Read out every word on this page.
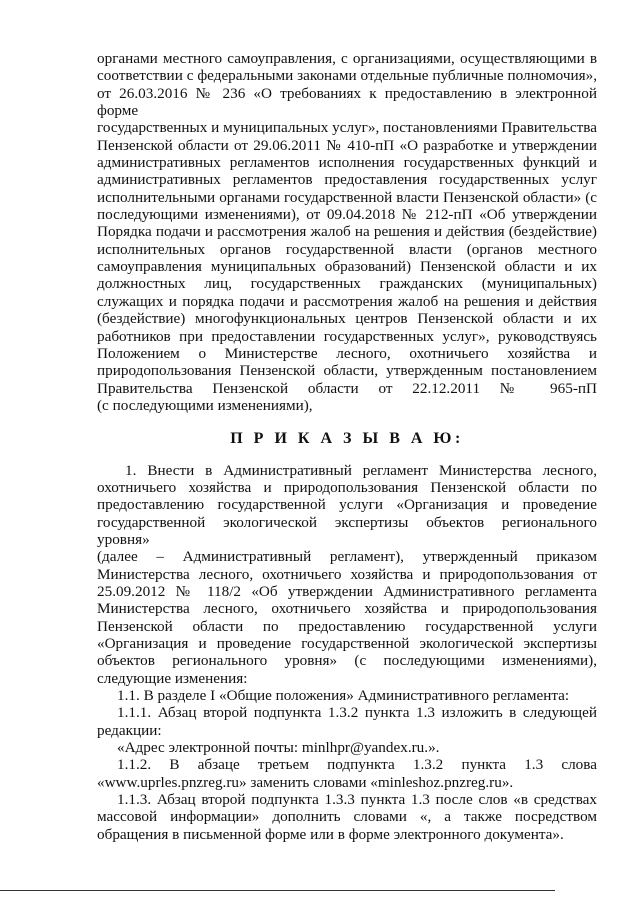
органами местного самоуправления, с организациями, осуществляющими в

соответствии с федеральными законами отдельные публичные полномочия»,

от 26.03.2016 № 236 «О требованиях к предоставлению в электронной форме

государственных и муниципальных услуг», постановлениями Правительства

Пензенской области от 29.06.2011 № 410-пП «О разработке и утверждении

административных регламентов исполнения государственных функций и

административных регламентов предоставления государственных услуг

исполнительными органами государственной власти Пензенской области» (с

последующими изменениями), от 09.04.2018 № 212-пП «Об утверждении

Порядка подачи и рассмотрения жалоб на решения и действия (бездействие)

исполнительных органов государственной власти (органов местного

самоуправления муниципальных образований) Пензенской области и их

должностных лиц, государственных гражданских (муниципальных)

служащих и порядка подачи и рассмотрения жалоб на решения и действия

(бездействие) многофункциональных центров Пензенской области и их

работников при предоставлении государственных услуг», руководствуясь

Положением о Министерстве лесного, охотничьего хозяйства и

природопользования Пензенской области, утвержденным постановлением

Правительства Пензенской области от 22.12.2011 № 965-пП

(с последующими изменениями),

П Р И К А З Ы В А Ю:

1. Внести в Административный регламент Министерства лесного,

охотничьего хозяйства и природопользования Пензенской области по

предоставлению государственной услуги «Организация и проведение

государственной экологической экспертизы объектов регионального уровня»

(далее – Административный регламент), утвержденный приказом

Министерства лесного, охотничьего хозяйства и природопользования от

25.09.2012 № 118/2 «Об утверждении Административного регламента

Министерства лесного, охотничьего хозяйства и природопользования

Пензенской области по предоставлению государственной услуги

«Организация и проведение государственной экологической экспертизы

объектов регионального уровня» (с последующими изменениями),

следующие изменения:

1.1. В разделе I «Общие положения» Административного регламента:

1.1.1. Абзац второй подпункта 1.3.2 пункта 1.3 изложить в следующей

редакции:

«Адрес электронной почты: minlhpr@yandex.ru.».

1.1.2. В абзаце третьем подпункта 1.3.2 пункта 1.3 слова

«www.uprles.pnzreg.ru» заменить словами «minleshoz.pnzreg.ru».

1.1.3. Абзац второй подпункта 1.3.3 пункта 1.3 после слов «в средствах

массовой информации» дополнить словами «, а также посредством

обращения в письменной форме или в форме электронного документа».
